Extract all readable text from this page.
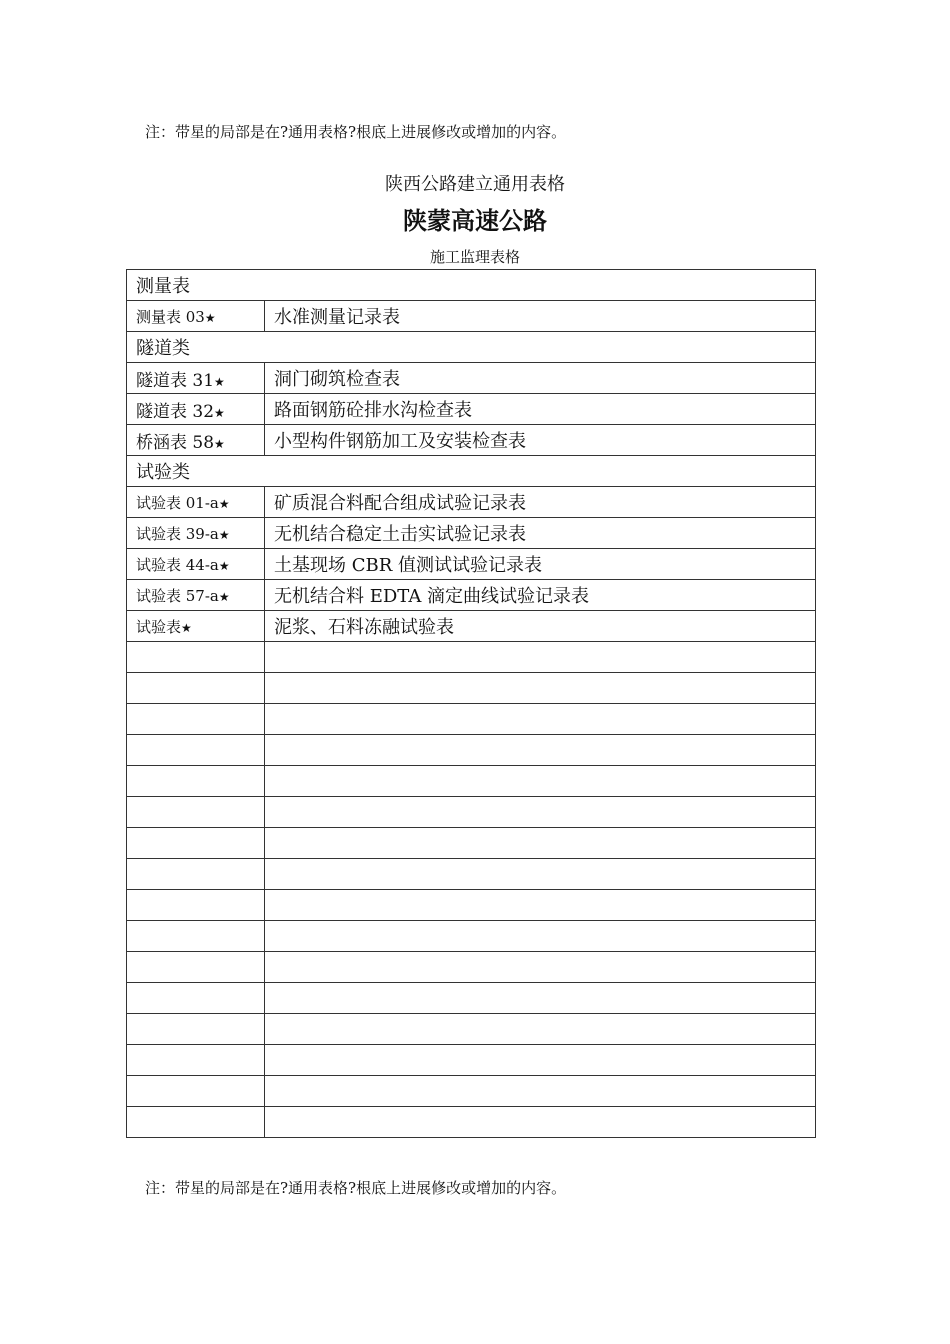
注：带星的局部是在?通用表格?根底上进展修改或增加的内容。
陕西公路建立通用表格
陕蒙高速公路
施工监理表格
测量表	
测量表 03★	水准测量记录表
隧道类	
隧道表 31★	洞门砌筑检查表
隧道表 32★	路面钢筋砼排水沟检查表
桥涵表 58★	小型构件钢筋加工及安装检查表
试验类	
试验表 01-a★	矿质混合料配合组成试验记录表
试验表 39-a★	无机结合稳定土击实试验记录表
试验表 44-a★	土基现场 CBR 值测试试验记录表
试验表 57-a★	无机结合料 EDTA 滴定曲线试验记录表
试验表★	泥浆、石料冻融试验表

注：带星的局部是在?通用表格?根底上进展修改或增加的内容。
